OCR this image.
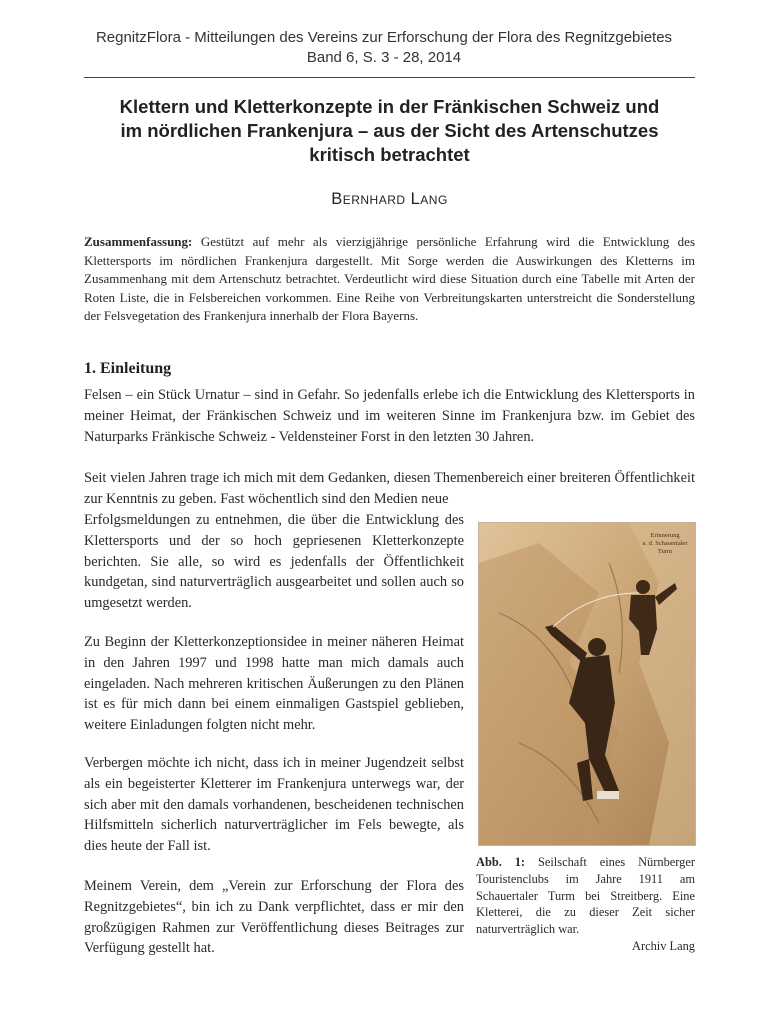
RegnitzFlora - Mitteilungen des Vereins zur Erforschung der Flora des Regnitzgebietes
Band 6, S. 3 - 28, 2014
Klettern und Kletterkonzepte in der Fränkischen Schweiz und
im nördlichen Frankenjura – aus der Sicht des Artenschutzes
kritisch betrachtet
Bernhard Lang
Zusammenfassung: Gestützt auf mehr als vierzigjährige persönliche Erfahrung wird die Entwicklung des Klettersports im nördlichen Frankenjura dargestellt. Mit Sorge werden die Auswirkungen des Kletterns im Zusammenhang mit dem Artenschutz betrachtet. Verdeutlicht wird diese Situation durch eine Tabelle mit Arten der Roten Liste, die in Felsbereichen vorkommen. Eine Reihe von Verbreitungskarten unterstreicht die Sonderstellung der Felsvegetation des Frankenjura innerhalb der Flora Bayerns.
1. Einleitung

Felsen – ein Stück Urnatur – sind in Gefahr. So jedenfalls erlebe ich die Entwicklung des Klettersports in meiner Heimat, der Fränkischen Schweiz und im weiteren Sinne im Frankenjura bzw. im Gebiet des Naturparks Fränkische Schweiz - Veldensteiner Forst in den letzten 30 Jahren.

Seit vielen Jahren trage ich mich mit dem Gedanken, diesen Themenbereich einer breiteren Öffentlichkeit zur Kenntnis zu geben. Fast wöchentlich sind den Medien neue

Erfolgsmeldungen zu entnehmen, die über die Entwicklung des Klettersports und der so hoch gepriesenen Kletterkonzepte berichten. Sie alle, so wird es jedenfalls der Öffentlichkeit kundgetan, sind naturverträglich ausgearbeitet und sollen auch so umgesetzt werden.

Zu Beginn der Kletterkonzeptionsidee in meiner näheren Heimat in den Jahren 1997 und 1998 hatte man mich damals auch eingeladen. Nach mehreren kritischen Äußerungen zu den Plänen ist es für mich dann bei einem einmaligen Gastspiel geblieben, weitere Einladungen folgten nicht mehr.

Verbergen möchte ich nicht, dass ich in meiner Jugendzeit selbst als ein begeisterter Kletterer im Frankenjura unterwegs war, der sich aber mit den damals vorhandenen, bescheidenen technischen Hilfsmitteln sicherlich naturverträglicher im Fels bewegte, als dies heute der Fall ist.

Meinem Verein, dem „Verein zur Erforschung der Flora des Regnitzgebietes“, bin ich zu Dank verpflichtet, dass er mir den großzügigen Rahmen zur Veröffentlichung dieses Beitrages zur Verfügung gestellt hat.

Erinnerung
a. d. Schauertaler
Turm
Abb. 1: Seilschaft eines Nürnberger Touristenclubs im Jahre 1911 am Schauertaler Turm bei Streitberg. Eine Kletterei, die zu dieser Zeit sicher naturverträglich war.
Archiv Lang
